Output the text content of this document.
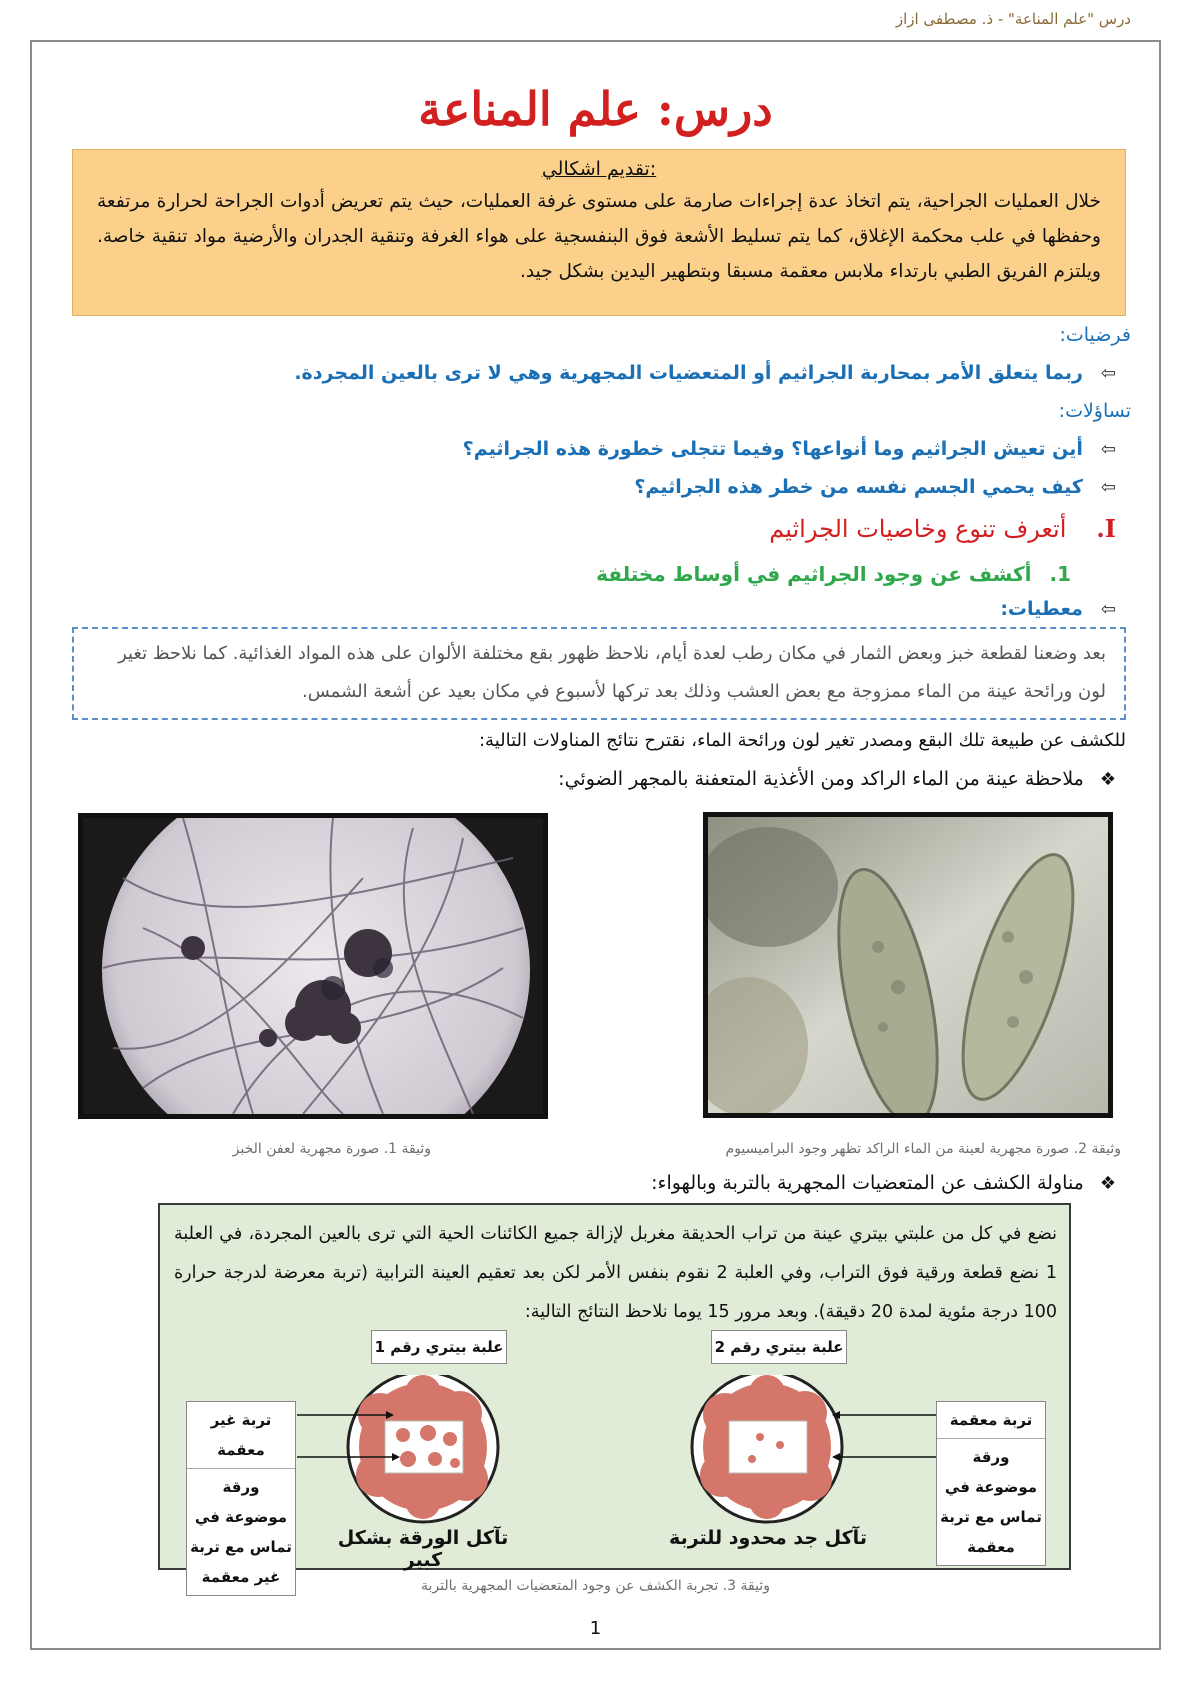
درس "علم المناعة" - ذ. مصطفى ازاز
درس: علم المناعة
تقديم اشكالي:
خلال العمليات الجراحية، يتم اتخاذ عدة إجراءات صارمة على مستوى غرفة العمليات، حيث يتم تعريض أدوات الجراحة لحرارة مرتفعة وحفظها في علب محكمة الإغلاق، كما يتم تسليط الأشعة فوق البنفسجية على هواء الغرفة وتنقية الجدران والأرضية مواد تنقية خاصة. ويلتزم الفريق الطبي بارتداء ملابس معقمة مسبقا وبتطهير اليدين بشكل جيد.
فرضيات:
⇦ربما يتعلق الأمر بمحاربة الجراثيم أو المتعضيات المجهرية وهي لا ترى بالعين المجردة.
تساؤلات:
⇦أين تعيش الجراثيم وما أنواعها؟ وفيما تتجلى خطورة هذه الجراثيم؟
⇦كيف يحمي الجسم نفسه من خطر هذه الجراثيم؟
I.أتعرف تنوع وخاصيات الجراثيم
1.أكشف عن وجود الجراثيم في أوساط مختلفة
⇦معطيات:
بعد وضعنا لقطعة خبز وبعض الثمار في مكان رطب لعدة أيام، نلاحظ ظهور بقع مختلفة الألوان على هذه المواد الغذائية. كما نلاحظ تغير لون ورائحة عينة من الماء ممزوجة مع بعض العشب وذلك بعد تركها لأسبوع في مكان بعيد عن أشعة الشمس.
للكشف عن طبيعة تلك البقع ومصدر تغير لون ورائحة الماء، نقترح نتائج المناولات التالية:
❖ملاحظة عينة من الماء الراكد ومن الأغذية المتعفنة بالمجهر الضوئي:
وثيقة 1. صورة مجهرية لعفن الخبز	وثيقة 2. صورة مجهرية لعينة من الماء الراكد تظهر وجود البراميسيوم
❖مناولة الكشف عن المتعضيات المجهرية بالتربة وبالهواء:
نضع في كل من علبتي بيتري عينة من تراب الحديقة مغربل لإزالة جميع الكائنات الحية التي ترى بالعين المجردة، في العلبة 1 نضع قطعة ورقية فوق التراب، وفي العلبة 2 نقوم بنفس الأمر لكن بعد تعقيم العينة الترابية (تربة معرضة لدرجة حرارة 100 درجة مئوية لمدة 20 دقيقة). وبعد مرور 15 يوما نلاحظ النتائج التالية:
علبة بيتري رقم 1	علبة بيتري رقم 2
تربة غير معقمة
ورقة موضوعة في تماس مع تربة غير معقمة
تربة معقمة
ورقة موضوعة في تماس مع تربة معقمة
تآكل الورقة بشكل كبير
تآكل جد محدود للتربة
وثيقة 3. تجربة الكشف عن وجود المتعضيات المجهرية بالتربة
1
